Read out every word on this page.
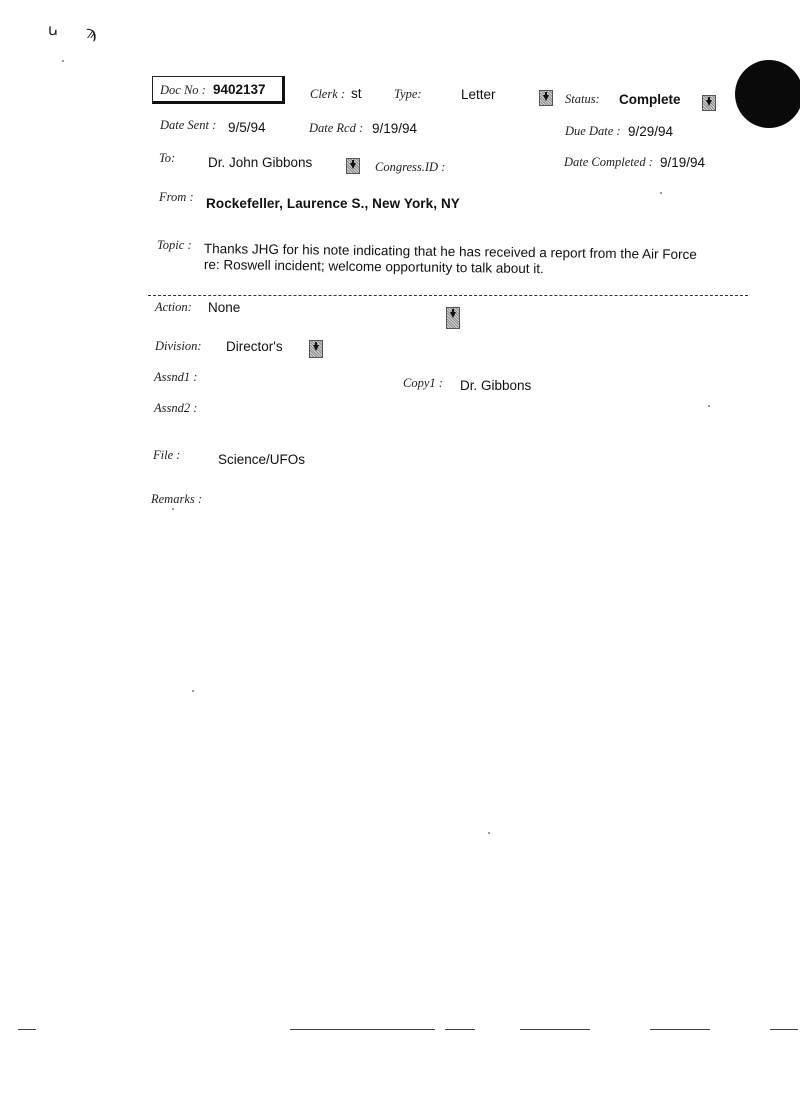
ꭎ ϡ
Doc No : 9402137	Clerk : st	Type:	Letter	Status: Complete
Date Sent : 9/5/94	Date Rcd : 9/19/94	Due Date : 9/29/94
To: Dr. John Gibbons	Congress.ID :	Date Completed : 9/19/94
From : Rockefeller, Laurence S., New York, NY
Topic : Thanks JHG for his note indicating that he has received a report from the Air Force
re: Roswell incident; welcome opportunity to talk about it.
Action: None
Division: Director's
Assnd1 :	Copy1 : Dr. Gibbons
Assnd2 :
File :	Science/UFOs
Remarks :
